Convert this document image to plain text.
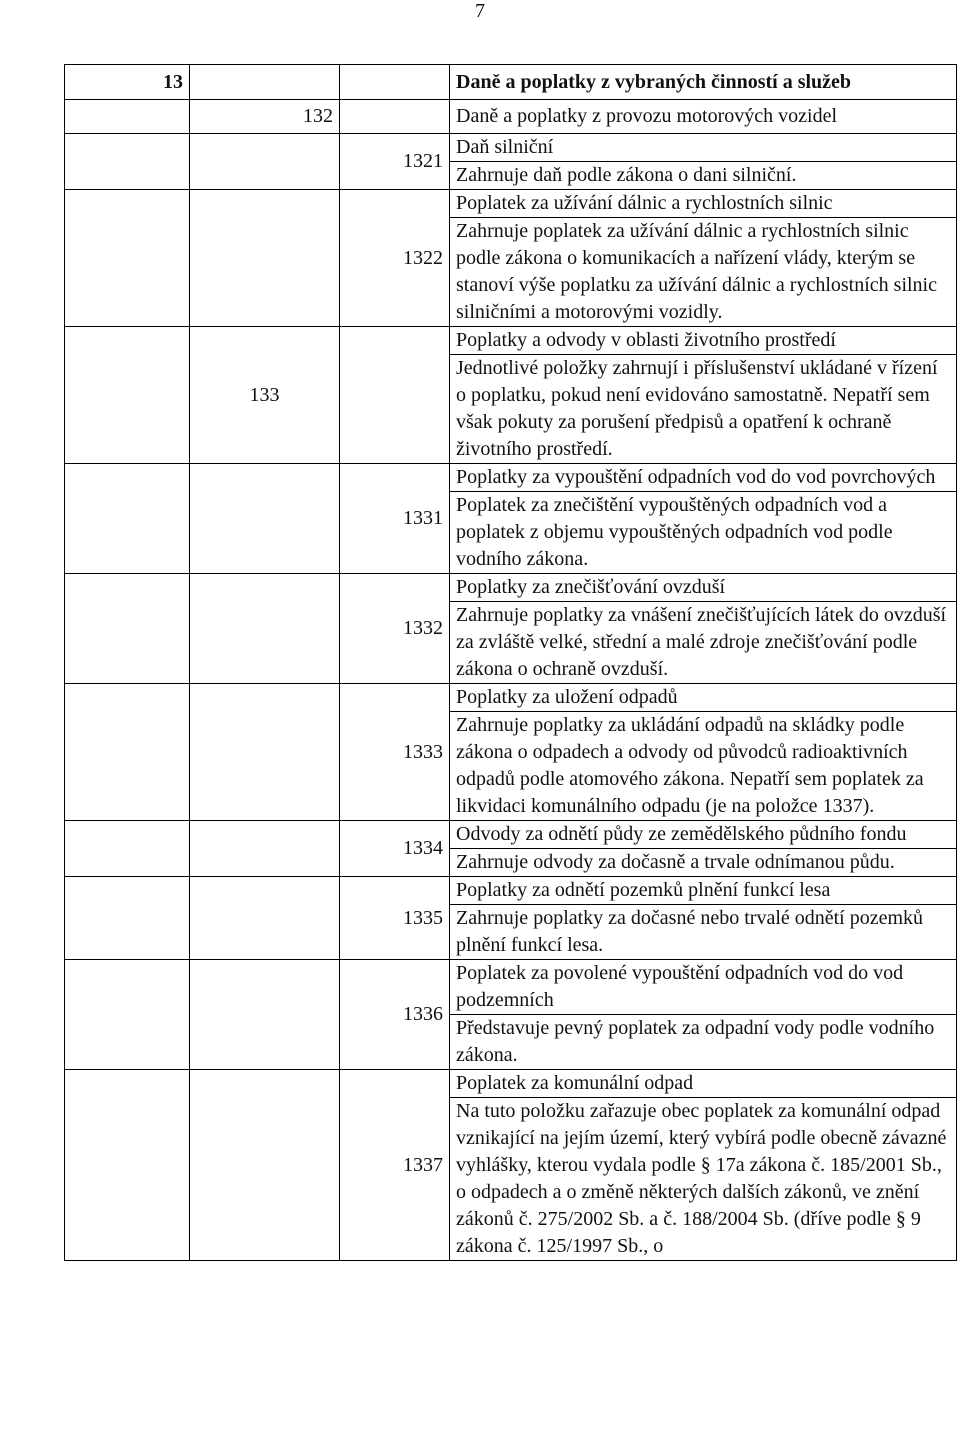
7
13			Daně a poplatky z vybraných činností a služeb
	132		Daně a poplatky z provozu motorových vozidel
		1321	Daň silniční
			Zahrnuje daň podle zákona o dani silniční.
		1322	Poplatek za užívání dálnic a rychlostních silnic
			Zahrnuje poplatek za užívání dálnic a rychlostních silnic podle zákona o komunikacích a nařízení vlády, kterým se stanoví výše poplatku za užívání dálnic a rychlostních silnic silničními a motorovými vozidly.
	133		Poplatky a odvody v oblasti životního prostředí
			Jednotlivé položky zahrnují i příslušenství ukládané v řízení o poplatku, pokud není evidováno samostatně. Nepatří sem však pokuty za porušení předpisů a opatření k ochraně životního prostředí.
		1331	Poplatky za vypouštění odpadních vod do vod povrchových
			Poplatek za znečištění vypouštěných odpadních vod a poplatek z objemu vypouštěných odpadních vod podle vodního zákona.
		1332	Poplatky za znečišťování ovzduší
			Zahrnuje poplatky za vnášení znečišťujících látek do ovzduší za zvláště velké, střední a malé zdroje znečišťování podle zákona o ochraně ovzduší.
		1333	Poplatky za uložení odpadů
			Zahrnuje poplatky za ukládání odpadů na skládky podle zákona o odpadech a odvody od původců radioaktivních odpadů podle atomového zákona. Nepatří sem poplatek za likvidaci komunálního odpadu (je na položce 1337).
		1334	Odvody za odnětí půdy ze zemědělského půdního fondu
			Zahrnuje odvody za dočasně a trvale odnímanou půdu.
		1335	Poplatky za odnětí pozemků plnění funkcí lesa
			Zahrnuje poplatky za dočasné nebo trvalé odnětí pozemků plnění funkcí lesa.
		1336	Poplatek za povolené vypouštění odpadních vod do vod podzemních
			Představuje pevný poplatek za odpadní vody podle vodního zákona.
		1337	Poplatek za komunální odpad
			Na tuto položku zařazuje obec poplatek za komunální odpad vznikající na jejím území, který vybírá podle obecně závazné vyhlášky, kterou vydala podle § 17a zákona č. 185/2001 Sb., o odpadech a o změně některých dalších zákonů, ve znění zákonů č. 275/2002 Sb. a č. 188/2004 Sb. (dříve podle § 9 zákona č. 125/1997 Sb., o
